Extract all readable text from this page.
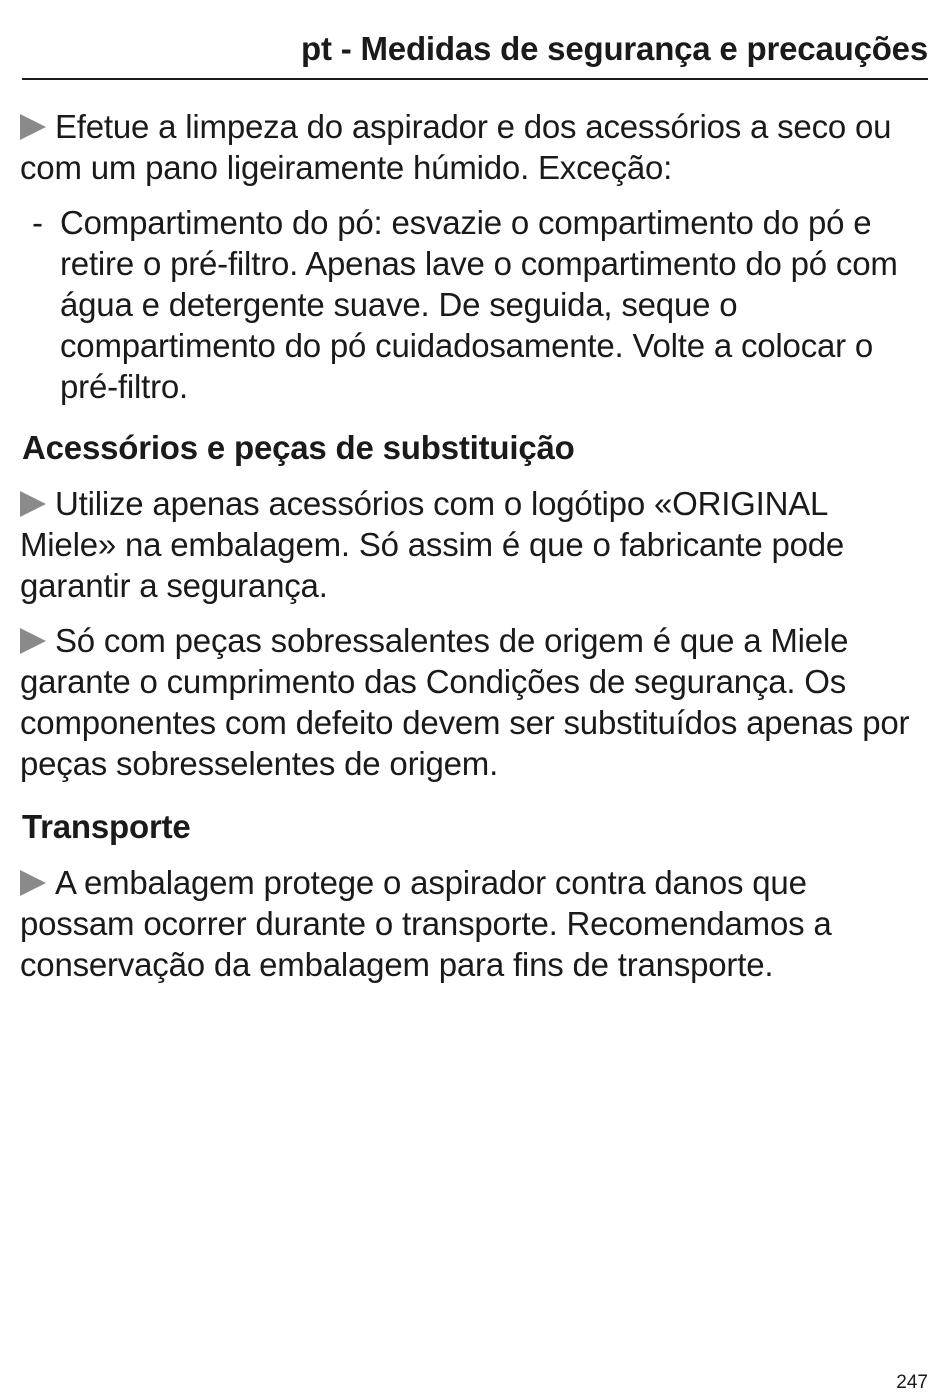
pt - Medidas de segurança e precauções

Efetue a limpeza do aspirador e dos acessórios a seco ou com um pano ligeiramente húmido. Exceção:

- Compartimento do pó: esvazie o compartimento do pó e retire o pré-filtro. Apenas lave o compartimento do pó com água e detergente suave. De seguida, seque o compartimento do pó cuidadosamente. Volte a colocar o pré-filtro.
Acessórios e peças de substituição

Utilize apenas acessórios com o logótipo «ORIGINAL Miele» na embalagem. Só assim é que o fabricante pode garantir a segurança.

Só com peças sobressalentes de origem é que a Miele garante o cumprimento das Condições de segurança. Os componentes com defeito devem ser substituídos apenas por peças sobresselentes de origem.

Transporte

A embalagem protege o aspirador contra danos que possam ocorrer durante o transporte. Recomendamos a conservação da embalagem para fins de transporte.

247
